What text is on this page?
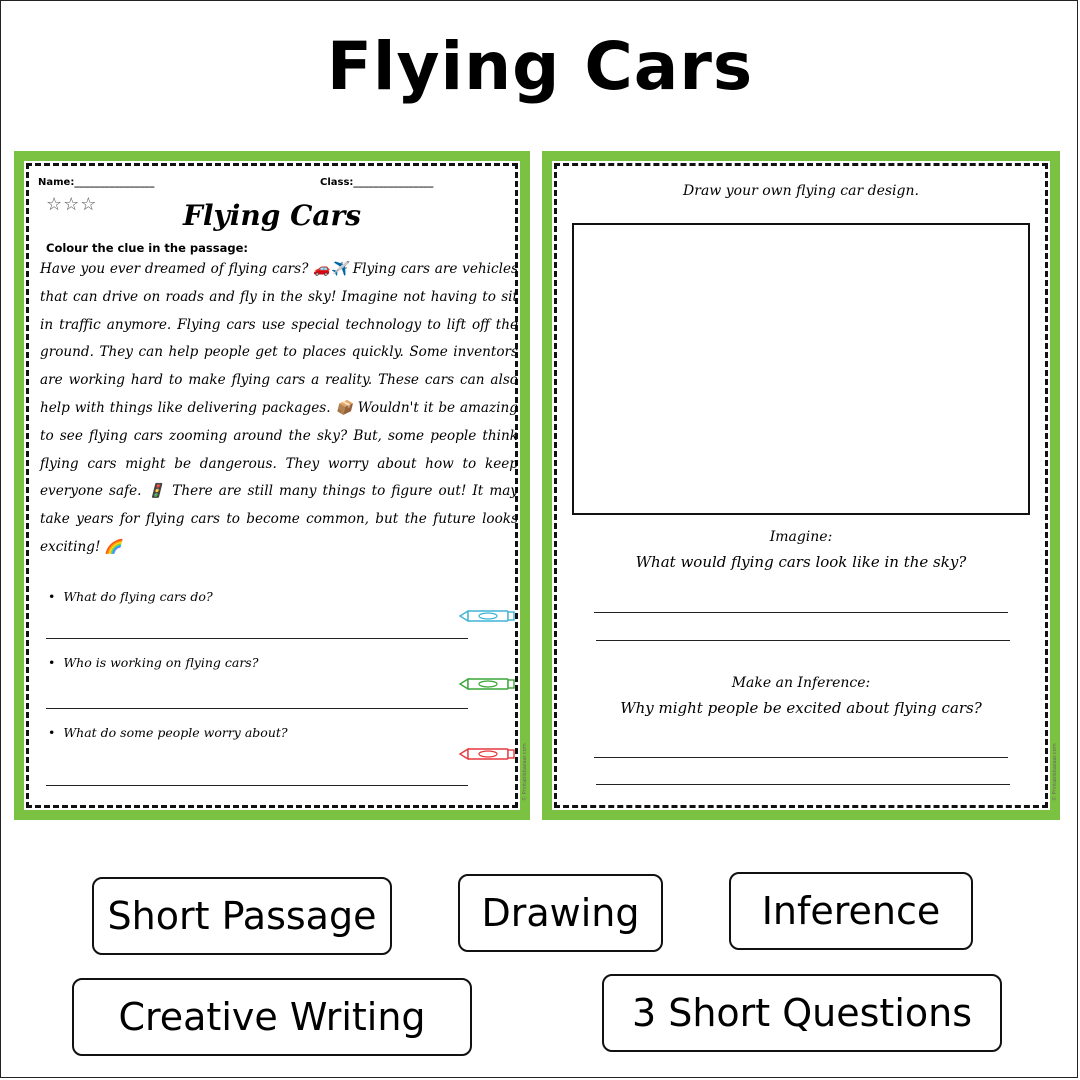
Flying Cars
Name:________________	Class:________________
☆☆☆	Flying Cars
Colour the clue in the passage:

Have you ever dreamed of flying cars? 🚗✈️ Flying cars are vehicles that can drive on roads and fly in the sky! Imagine not having to sit in traffic anymore. Flying cars use special technology to lift off the ground. They can help people get to places quickly. Some inventors are working hard to make flying cars a reality. These cars can also help with things like delivering packages. 📦 Wouldn't it be amazing to see flying cars zooming around the sky? But, some people think flying cars might be dangerous. They worry about how to keep everyone safe. 🚦 There are still many things to figure out! It may take years for flying cars to become common, but the future looks exciting! 🌈

•  What do flying cars do?
•  Who is working on flying cars?
•  What do some people worry about?
© Printablebazaar.com
Draw your own flying car design.
Imagine:
What would flying cars look like in the sky?
Make an Inference:
Why might people be excited about flying cars?
© Printablebazaar.com
Short Passage	Drawing	Inference
Creative Writing	3 Short Questions
